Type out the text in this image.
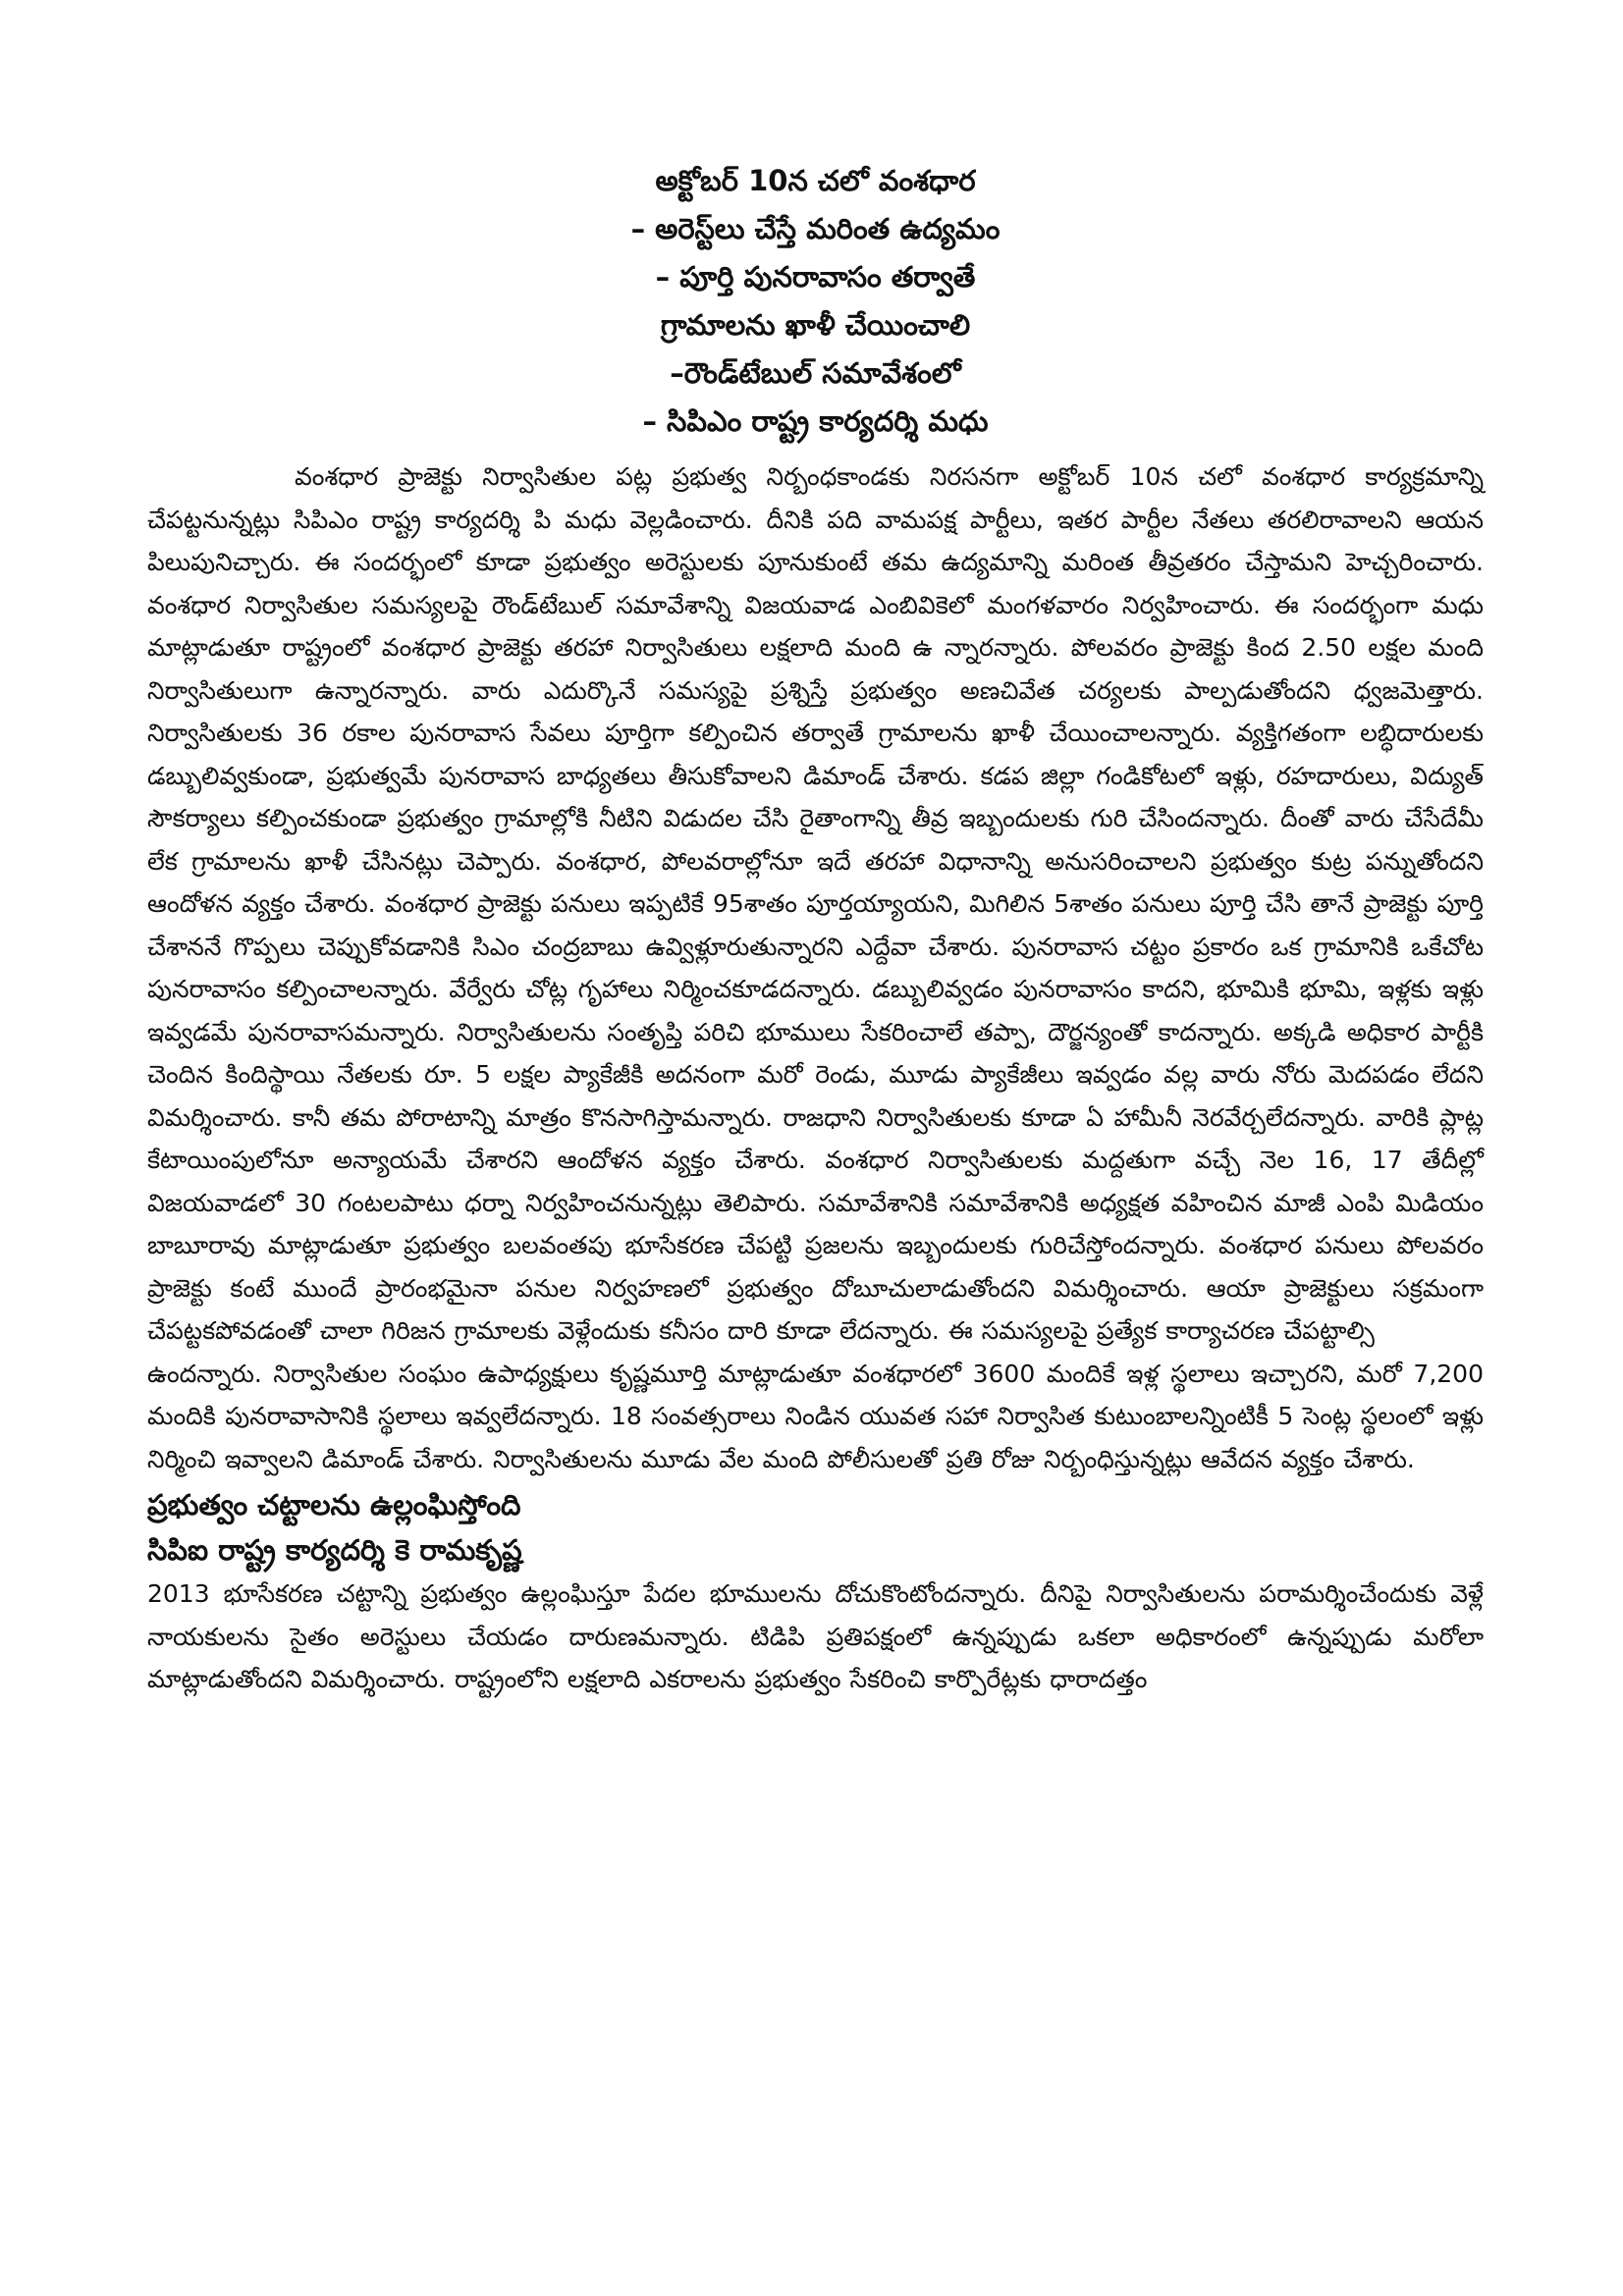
అక్టోబర్ 10న చలో వంశధార

– అరెస్ట్‌లు చేస్తే మరింత ఉద్యమం

– పూర్తి పునరావాసం తర్వాతే

గ్రామాలను ఖాళీ చేయించాలి

–రౌండ్‌టేబుల్ సమావేశంలో

– సిపిఎం రాష్ట్ర కార్యదర్శి మధు

వంశధార ప్రాజెక్టు నిర్వాసితుల పట్ల ప్రభుత్వ నిర్బంధకాండకు నిరసనగా అక్టోబర్ 10న చలో వంశధార కార్యక్రమాన్ని చేపట్టనున్నట్లు సిపిఎం రాష్ట్ర కార్యదర్శి పి మధు వెల్లడించారు. దీనికి పది వామపక్ష పార్టీలు, ఇతర పార్టీల నేతలు తరలిరావాలని ఆయన పిలుపునిచ్చారు. ఈ సందర్భంలో కూడా ప్రభుత్వం అరెస్టులకు పూనుకుంటే తమ ఉద్యమాన్ని మరింత తీవ్రతరం చేస్తామని హెచ్చరించారు. వంశధార నిర్వాసితుల సమస్యలపై రౌండ్‌టేబుల్ సమావేశాన్ని విజయవాడ ఎంబివికెలో మంగళవారం నిర్వహించారు. ఈ సందర్భంగా మధు మాట్లాడుతూ రాష్ట్రంలో వంశధార ప్రాజెక్టు తరహా నిర్వాసితులు లక్షలాది మంది ఉ న్నారన్నారు. పోలవరం ప్రాజెక్టు కింద 2.50 లక్షల మంది నిర్వాసితులుగా ఉన్నారన్నారు. వారు ఎదుర్కొనే సమస్యపై ప్రశ్నిస్తే ప్రభుత్వం అణచివేత చర్యలకు పాల్పడుతోందని ధ్వజమెత్తారు. నిర్వాసితులకు 36 రకాల పునరావాస సేవలు పూర్తిగా కల్పించిన తర్వాతే గ్రామాలను ఖాళీ చేయించాలన్నారు. వ్యక్తిగతంగా లబ్ధిదారులకు డబ్బులివ్వకుండా, ప్రభుత్వమే పునరావాస బాధ్యతలు తీసుకోవాలని డిమాండ్ చేశారు. కడప జిల్లా గండికోటలో ఇళ్లు, రహదారులు, విద్యుత్ సౌకర్యాలు కల్పించకుండా ప్రభుత్వం గ్రామాల్లోకి నీటిని విడుదల చేసి రైతాంగాన్ని తీవ్ర ఇబ్బందులకు గురి చేసిందన్నారు. దీంతో వారు చేసేదేమీ లేక గ్రామాలను ఖాళీ చేసినట్లు చెప్పారు. వంశధార, పోలవరాల్లోనూ ఇదే తరహా విధానాన్ని అనుసరించాలని ప్రభుత్వం కుట్ర పన్నుతోందని ఆందోళన వ్యక్తం చేశారు. వంశధార ప్రాజెక్టు పనులు ఇప్పటికే 95శాతం పూర్తయ్యాయని, మిగిలిన 5శాతం పనులు పూర్తి చేసి తానే ప్రాజెక్టు పూర్తి చేశాననే గొప్పలు చెప్పుకోవడానికి సిఎం చంద్రబాబు ఉవ్విళ్లూరుతున్నారని ఎద్దేవా చేశారు. పునరావాస చట్టం ప్రకారం ఒక గ్రామానికి ఒకేచోట పునరావాసం కల్పించాలన్నారు. వేర్వేరు చోట్ల గృహాలు నిర్మించకూడదన్నారు. డబ్బులివ్వడం పునరావాసం కాదని, భూమికి భూమి, ఇళ్లకు ఇళ్లు ఇవ్వడమే పునరావాసమన్నారు. నిర్వాసితులను సంతృప్తి పరిచి భూములు సేకరించాలే తప్పా, దౌర్జన్యంతో కాదన్నారు. అక్కడి అధికార పార్టీకి చెందిన కిందిస్థాయి నేతలకు రూ. 5 లక్షల ప్యాకేజీకి అదనంగా మరో రెండు, మూడు ప్యాకేజీలు ఇవ్వడం వల్ల వారు నోరు మెదపడం లేదని విమర్శించారు. కానీ తమ పోరాటాన్ని మాత్రం కొనసాగిస్తామన్నారు. రాజధాని నిర్వాసితులకు కూడా ఏ హామీనీ నెరవేర్చలేదన్నారు. వారికి ప్లాట్ల కేటాయింపులోనూ అన్యాయమే చేశారని ఆందోళన వ్యక్తం చేశారు. వంశధార నిర్వాసితులకు మద్దతుగా వచ్చే నెల 16, 17 తేదీల్లో విజయవాడలో 30 గంటలపాటు ధర్నా నిర్వహించనున్నట్లు తెలిపారు. సమావేశానికి సమావేశానికి అధ్యక్షత వహించిన మాజీ ఎంపి మిడియం బాబూరావు మాట్లాడుతూ ప్రభుత్వం బలవంతపు భూసేకరణ చేపట్టి ప్రజలను ఇబ్బందులకు గురిచేస్తోందన్నారు. వంశధార పనులు పోలవరం ప్రాజెక్టు కంటే ముందే ప్రారంభమైనా పనుల నిర్వహణలో ప్రభుత్వం దోబూచులాడుతోందని విమర్శించారు. ఆయా ప్రాజెక్టులు సక్రమంగా చేపట్టకపోవడంతో చాలా గిరిజన గ్రామాలకు వెళ్లేందుకు కనీసం దారి కూడా లేదన్నారు. ఈ సమస్యలపై ప్రత్యేక కార్యాచరణ చేపట్టాల్సి

ఉందన్నారు. నిర్వాసితుల సంఘం ఉపాధ్యక్షులు కృష్ణమూర్తి మాట్లాడుతూ వంశధారలో 3600 మందికే ఇళ్ల స్థలాలు ఇచ్చారని, మరో 7,200 మందికి పునరావాసానికి స్థలాలు ఇవ్వలేదన్నారు. 18 సంవత్సరాలు నిండిన యువత సహా నిర్వాసిత కుటుంబాలన్నింటికీ 5 సెంట్ల స్థలంలో ఇళ్లు నిర్మించి ఇవ్వాలని డిమాండ్ చేశారు. నిర్వాసితులను మూడు వేల మంది పోలీసులతో ప్రతి రోజు నిర్బంధిస్తున్నట్లు ఆవేదన వ్యక్తం చేశారు.

ప్రభుత్వం చట్టాలను ఉల్లంఘిస్తోంది

సిపిఐ రాష్ట్ర కార్యదర్శి కె రామకృష్ణ

2013 భూసేకరణ చట్టాన్ని ప్రభుత్వం ఉల్లంఘిస్తూ పేదల భూములను దోచుకొంటోందన్నారు. దీనిపై నిర్వాసితులను పరామర్శించేందుకు వెళ్లే నాయకులను సైతం అరెస్టులు చేయడం దారుణమన్నారు. టిడిపి ప్రతిపక్షంలో ఉన్నప్పుడు ఒకలా అధికారంలో ఉన్నప్పుడు మరోలా మాట్లాడుతోందని విమర్శించారు. రాష్ట్రంలోని లక్షలాది ఎకరాలను ప్రభుత్వం సేకరించి కార్పొరేట్లకు ధారాదత్తం
